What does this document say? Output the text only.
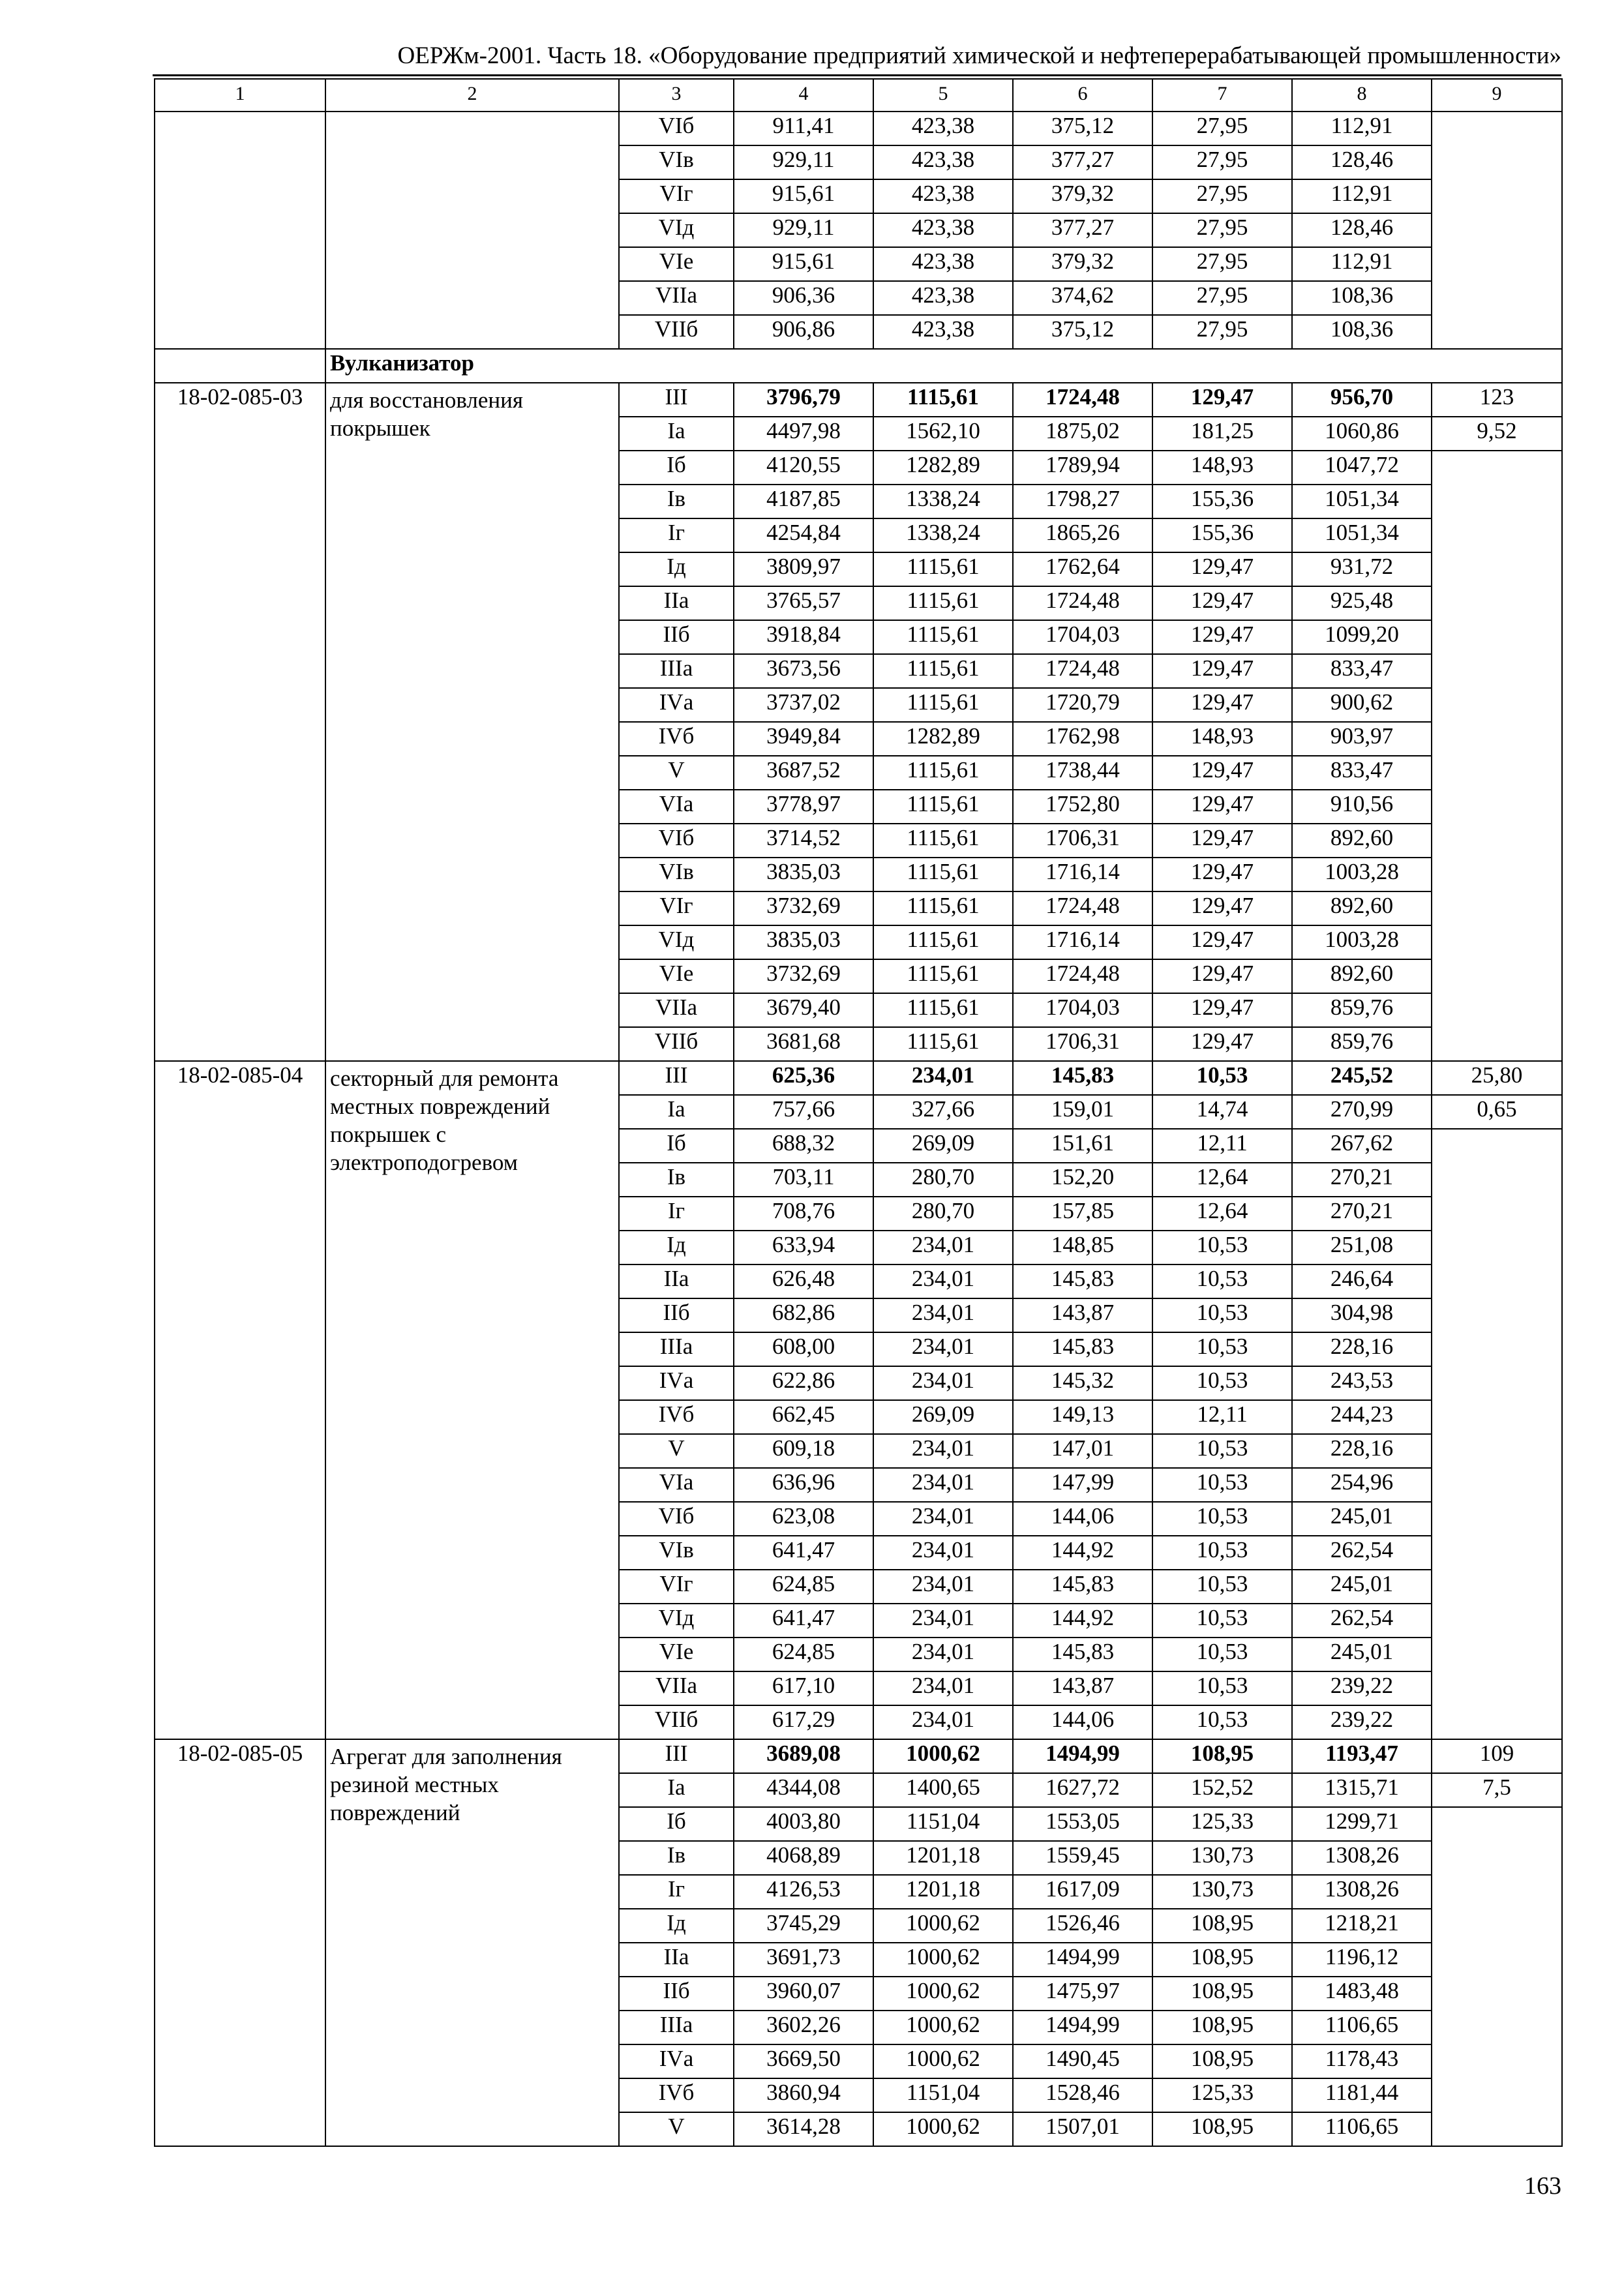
ОЕРЖм-2001. Часть 18. «Оборудование предприятий химической и нефтеперерабатывающей промышленности»
1	2	3	4	5	6	7	8	9
		VIб	911,41	423,38	375,12	27,95	112,91	
		VIв	929,11	423,38	377,27	27,95	128,46	
		VIг	915,61	423,38	379,32	27,95	112,91	
		VIд	929,11	423,38	377,27	27,95	128,46	
		VIе	915,61	423,38	379,32	27,95	112,91	
		VIIа	906,36	423,38	374,62	27,95	108,36	
		VIIб	906,86	423,38	375,12	27,95	108,36	
	Вулканизатор							
18-02-085-03	для восстановления покрышек	III	3796,79	1115,61	1724,48	129,47	956,70	123
		Iа	4497,98	1562,10	1875,02	181,25	1060,86	9,52
		Iб	4120,55	1282,89	1789,94	148,93	1047,72	
		Iв	4187,85	1338,24	1798,27	155,36	1051,34	
		Iг	4254,84	1338,24	1865,26	155,36	1051,34	
		Iд	3809,97	1115,61	1762,64	129,47	931,72	
		IIа	3765,57	1115,61	1724,48	129,47	925,48	
		IIб	3918,84	1115,61	1704,03	129,47	1099,20	
		IIIа	3673,56	1115,61	1724,48	129,47	833,47	
		IVа	3737,02	1115,61	1720,79	129,47	900,62	
		IVб	3949,84	1282,89	1762,98	148,93	903,97	
		V	3687,52	1115,61	1738,44	129,47	833,47	
		VIа	3778,97	1115,61	1752,80	129,47	910,56	
		VIб	3714,52	1115,61	1706,31	129,47	892,60	
		VIв	3835,03	1115,61	1716,14	129,47	1003,28	
		VIг	3732,69	1115,61	1724,48	129,47	892,60	
		VIд	3835,03	1115,61	1716,14	129,47	1003,28	
		VIе	3732,69	1115,61	1724,48	129,47	892,60	
		VIIа	3679,40	1115,61	1704,03	129,47	859,76	
		VIIб	3681,68	1115,61	1706,31	129,47	859,76	
18-02-085-04	секторный для ремонта местных повреждений покрышек с электроподогревом	III	625,36	234,01	145,83	10,53	245,52	25,80
		Iа	757,66	327,66	159,01	14,74	270,99	0,65
		Iб	688,32	269,09	151,61	12,11	267,62	
		Iв	703,11	280,70	152,20	12,64	270,21	
		Iг	708,76	280,70	157,85	12,64	270,21	
		Iд	633,94	234,01	148,85	10,53	251,08	
		IIа	626,48	234,01	145,83	10,53	246,64	
		IIб	682,86	234,01	143,87	10,53	304,98	
		IIIа	608,00	234,01	145,83	10,53	228,16	
		IVа	622,86	234,01	145,32	10,53	243,53	
		IVб	662,45	269,09	149,13	12,11	244,23	
		V	609,18	234,01	147,01	10,53	228,16	
		VIа	636,96	234,01	147,99	10,53	254,96	
		VIб	623,08	234,01	144,06	10,53	245,01	
		VIв	641,47	234,01	144,92	10,53	262,54	
		VIг	624,85	234,01	145,83	10,53	245,01	
		VIд	641,47	234,01	144,92	10,53	262,54	
		VIе	624,85	234,01	145,83	10,53	245,01	
		VIIа	617,10	234,01	143,87	10,53	239,22	
		VIIб	617,29	234,01	144,06	10,53	239,22	
18-02-085-05	Агрегат для заполнения резиной местных повреждений	III	3689,08	1000,62	1494,99	108,95	1193,47	109
		Iа	4344,08	1400,65	1627,72	152,52	1315,71	7,5
		Iб	4003,80	1151,04	1553,05	125,33	1299,71	
		Iв	4068,89	1201,18	1559,45	130,73	1308,26	
		Iг	4126,53	1201,18	1617,09	130,73	1308,26	
		Iд	3745,29	1000,62	1526,46	108,95	1218,21	
		IIа	3691,73	1000,62	1494,99	108,95	1196,12	
		IIб	3960,07	1000,62	1475,97	108,95	1483,48	
		IIIа	3602,26	1000,62	1494,99	108,95	1106,65	
		IVа	3669,50	1000,62	1490,45	108,95	1178,43	
		IVб	3860,94	1151,04	1528,46	125,33	1181,44	
		V	3614,28	1000,62	1507,01	108,95	1106,65	
163
